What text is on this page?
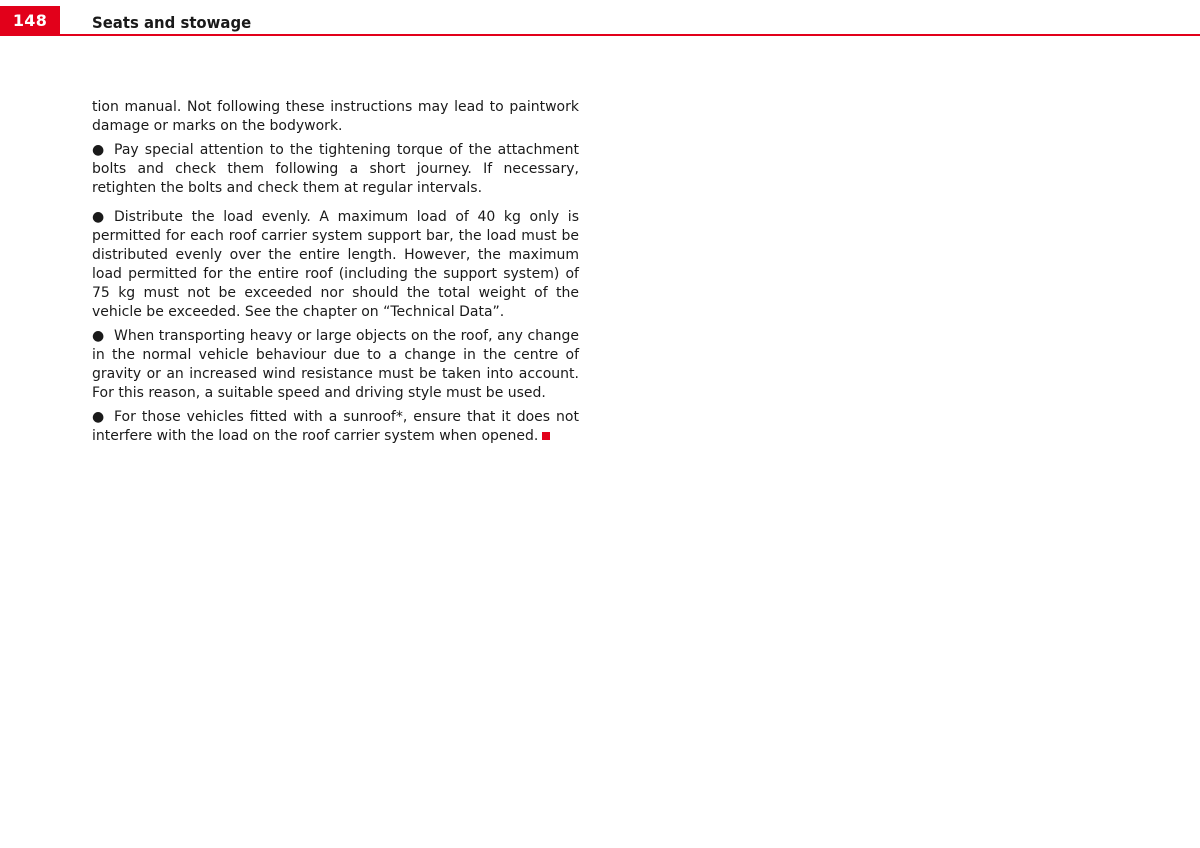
148	Seats and stowage

tion manual. Not following these instructions may lead to paintwork damage or marks on the bodywork.

● Pay special attention to the tightening torque of the attachment bolts and check them following a short journey. If necessary, retighten the bolts and check them at regular intervals.

● Distribute the load evenly. A maximum load of 40 kg only is permitted for each roof carrier system support bar, the load must be distributed evenly over the entire length. However, the maximum load permitted for the entire roof (including the support system) of 75 kg must not be exceeded nor should the total weight of the vehicle be exceeded. See the chapter on “Technical Data”.

● When transporting heavy or large objects on the roof, any change in the normal vehicle behaviour due to a change in the centre of gravity or an increased wind resistance must be taken into account. For this reason, a suitable speed and driving style must be used.

● For those vehicles fitted with a sunroof*, ensure that it does not interfere with the load on the roof carrier system when opened.
